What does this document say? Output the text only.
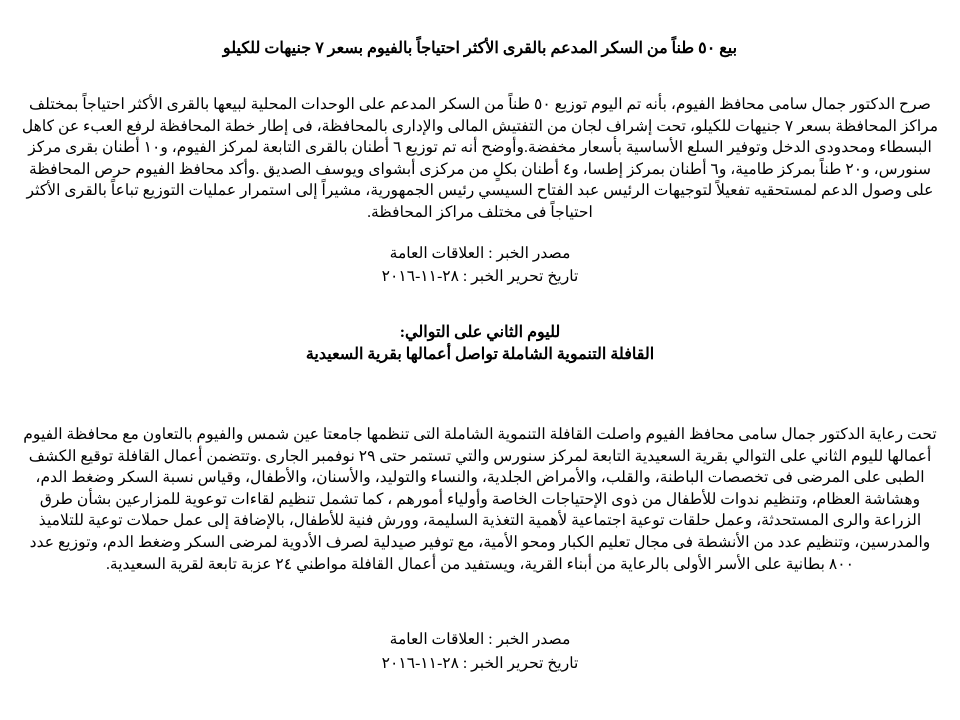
بيع ٥٠ طناً من السكر المدعم بالقرى الأكثر احتياجاً بالفيوم بسعر ٧ جنيهات للكيلو

صرح الدكتور جمال سامى محافظ الفيوم، بأنه تم اليوم توزيع ٥٠ طناً من السكر المدعم على الوحدات المحلية لبيعها بالقرى الأكثر احتياجاً بمختلف مراكز المحافظة بسعر ٧ جنيهات للكيلو، تحت إشراف لجان من التفتيش المالى والإدارى بالمحافظة، فى إطار خطة المحافظة لرفع العبء عن كاهل البسطاء ومحدودى الدخل وتوفير السلع الأساسية بأسعار مخفضة.وأوضح أنه تم توزيع ٦ أطنان بالقرى التابعة لمركز الفيوم، و١٠ أطنان بقرى مركز سنورس، و٢٠ طناً بمركز طامية، و٦ أطنان بمركز إطسا، و٤ أطنان بكلٍ من مركزى أبشواى ويوسف الصديق .وأكد محافظ الفيوم حرص المحافظة على وصول الدعم لمستحقيه تفعيلاً لتوجيهات الرئيس عبد الفتاح السيسي رئيس الجمهورية، مشيراً إلى استمرار عمليات التوزيع تباعاً بالقرى الأكثر احتياجاً فى مختلف مراكز المحافظة.

مصدر الخبر : العلاقات العامة

تاريخ تحرير الخبر : ٢٨-١١-٢٠١٦

لليوم الثاني على التوالي:

القافلة التنموية الشاملة تواصل أعمالها بقرية السعيدية

تحت رعاية الدكتور جمال سامى محافظ الفيوم واصلت القافلة التنموية الشاملة التى تنظمها جامعتا عين شمس والفيوم بالتعاون مع محافظة الفيوم أعمالها لليوم الثاني على التوالي بقرية السعيدية التابعة لمركز سنورس والتي تستمر حتى ٢٩ نوفمبر الجارى .وتتضمن أعمال القافلة توقيع الكشف الطبى على المرضى فى تخصصات الباطنة، والقلب، والأمراض الجلدية، والنساء والتوليد، والأسنان، والأطفال، وقياس نسبة السكر وضغط الدم، وهشاشة العظام، وتنظيم ندوات للأطفال من ذوى الإحتياجات الخاصة وأولياء أمورهم ، كما تشمل تنظيم لقاءات توعوية للمزارعين بشأن طرق الزراعة والرى المستحدثة، وعمل حلقات توعية اجتماعية لأهمية التغذية السليمة، وورش فنية للأطفال، بالإضافة إلى عمل حملات توعية للتلاميذ والمدرسين، وتنظيم عدد من الأنشطة فى مجال تعليم الكبار ومحو الأمية، مع توفير صيدلية لصرف الأدوية لمرضى السكر وضغط الدم، وتوزيع عدد ٨٠٠ بطانية على الأسر الأولى بالرعاية من أبناء القرية، ويستفيد من أعمال القافلة مواطني ٢٤ عزبة تابعة لقرية السعيدية.

مصدر الخبر : العلاقات العامة

تاريخ تحرير الخبر : ٢٨-١١-٢٠١٦
